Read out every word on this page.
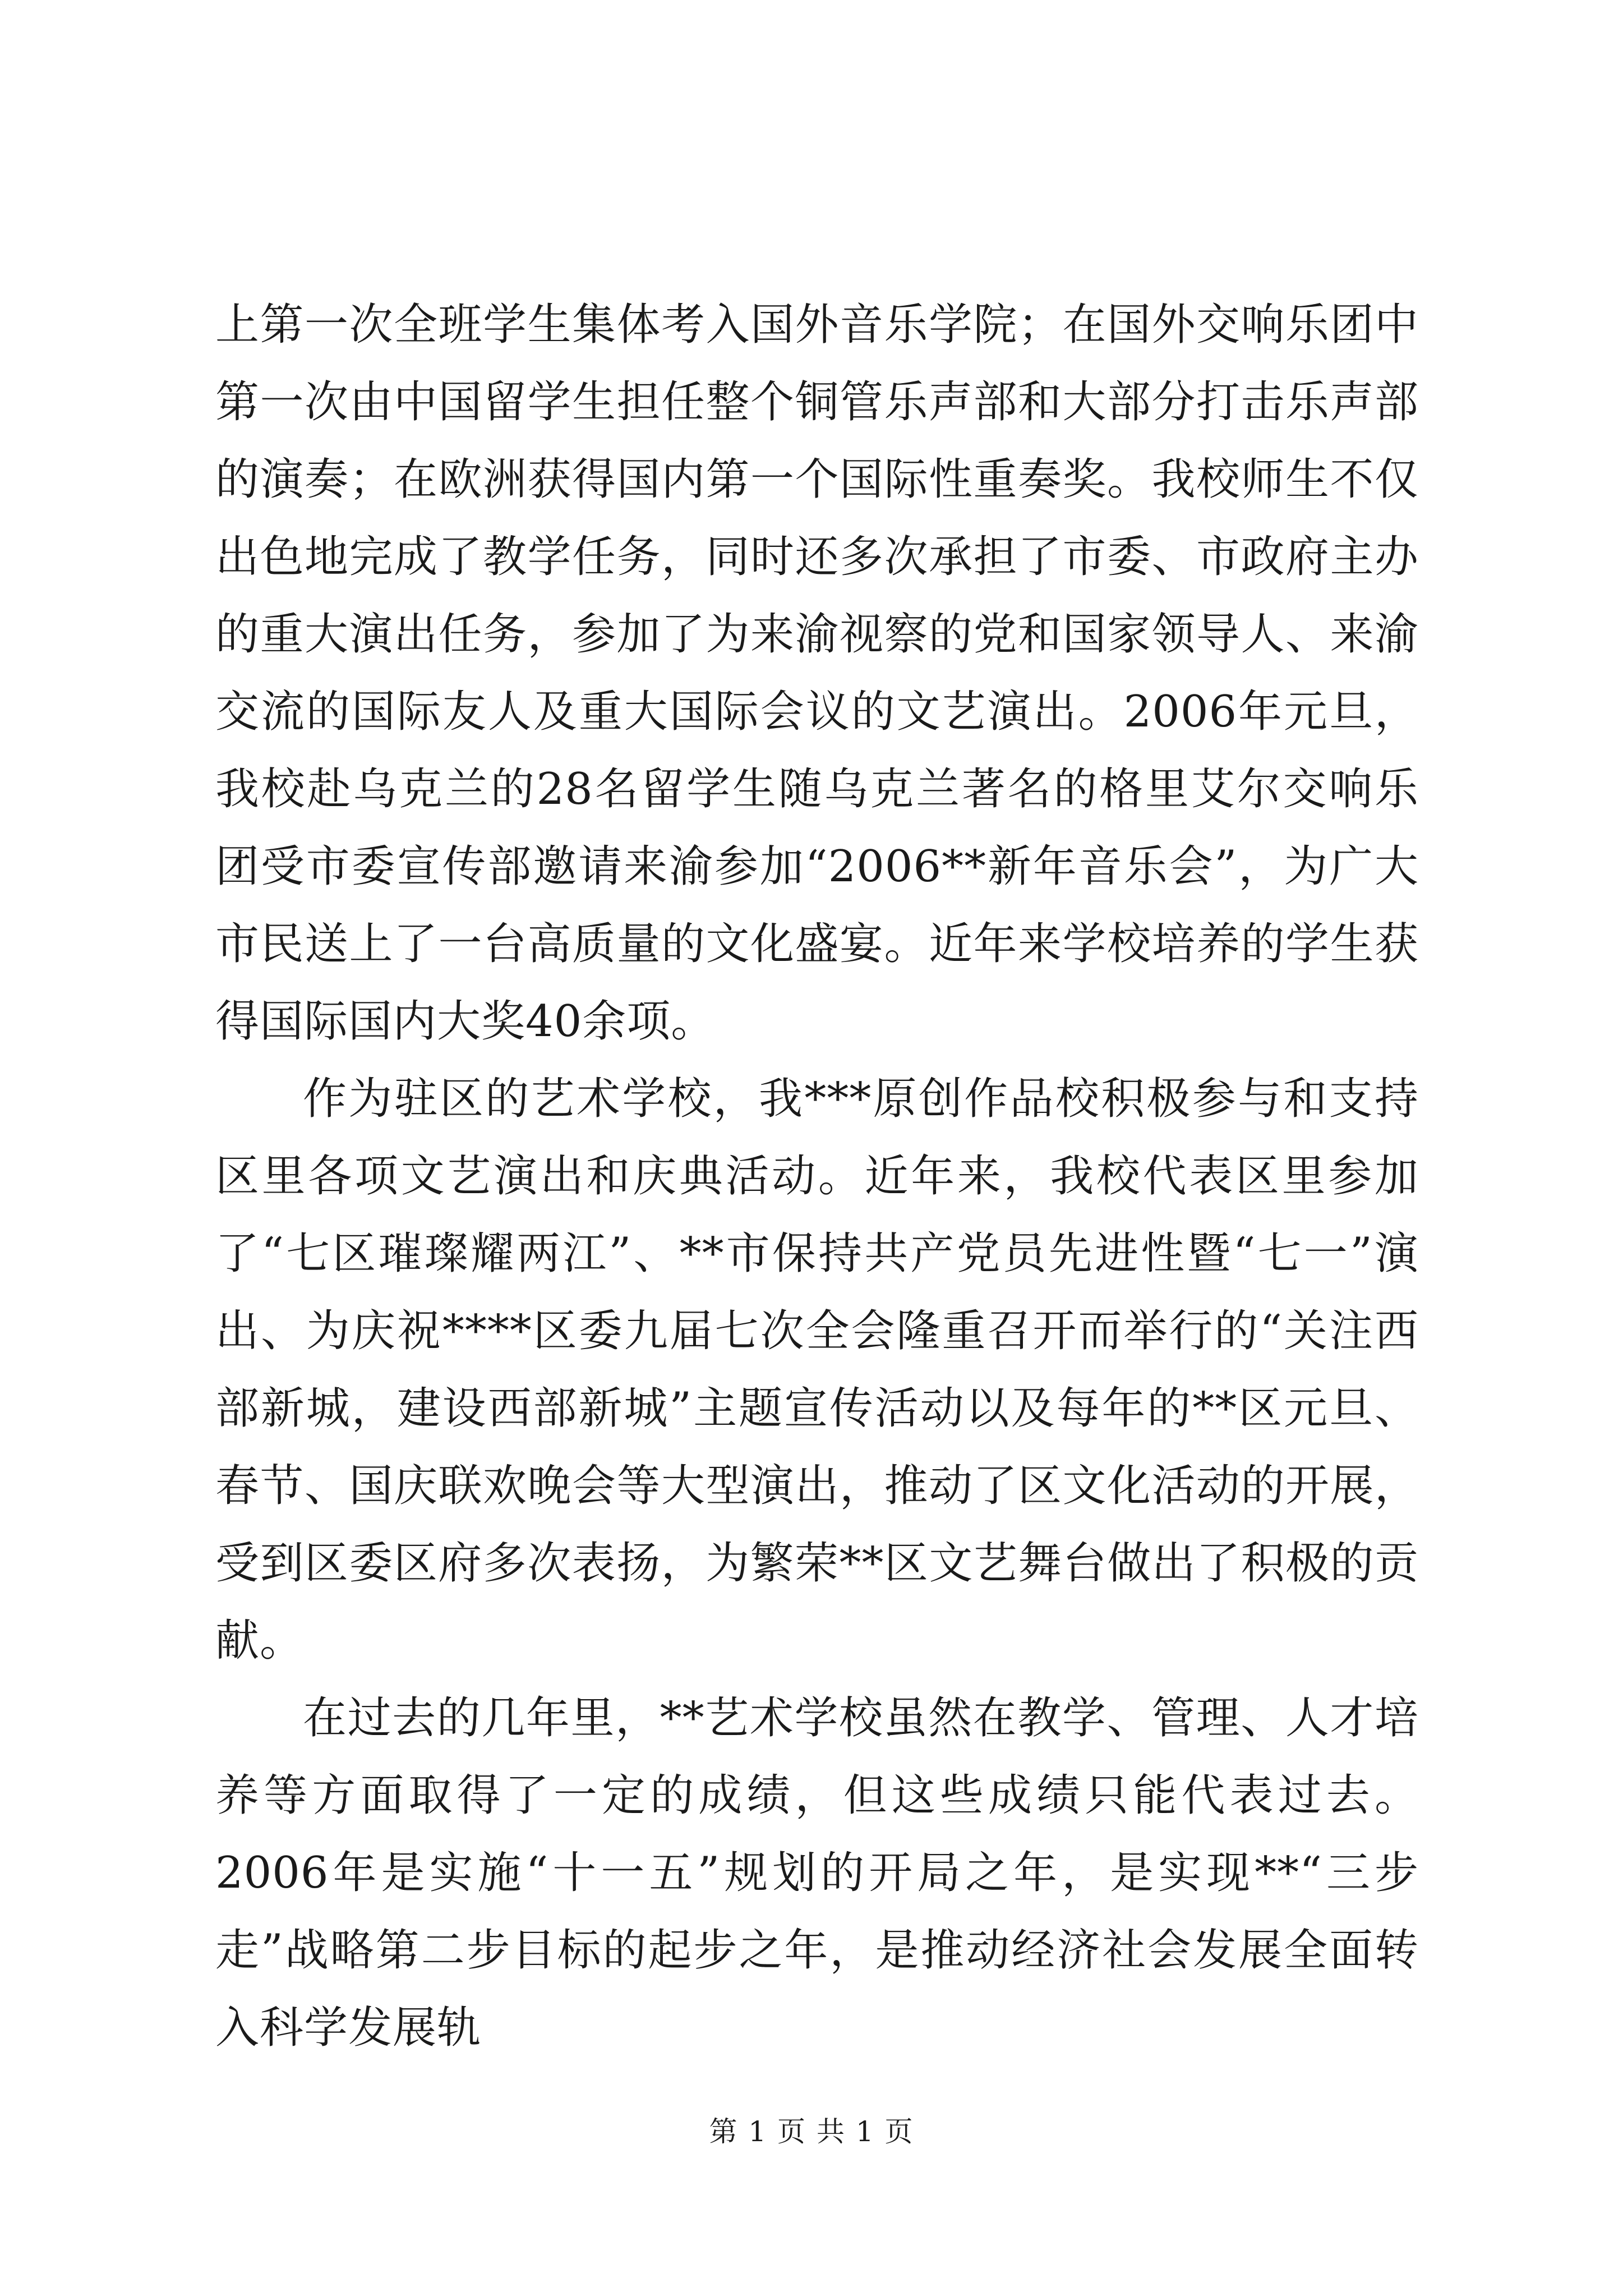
上第一次全班学生集体考入国外音乐学院；在国外交响乐团中第一次由中国留学生担任整个铜管乐声部和大部分打击乐声部的演奏；在欧洲获得国内第一个国际性重奏奖。我校师生不仅出色地完成了教学任务，同时还多次承担了市委、市政府主办的重大演出任务，参加了为来渝视察的党和国家领导人、来渝交流的国际友人及重大国际会议的文艺演出。2006年元旦，我校赴乌克兰的28名留学生随乌克兰著名的格里艾尔交响乐团受市委宣传部邀请来渝参加“2006**新年音乐会”，为广大市民送上了一台高质量的文化盛宴。近年来学校培养的学生获得国际国内大奖40余项。

作为驻区的艺术学校，我***原创作品校积极参与和支持区里各项文艺演出和庆典活动。近年来，我校代表区里参加了“七区璀璨耀两江”、**市保持共产党员先进性暨“七一”演出、为庆祝****区委九届七次全会隆重召开而举行的“关注西部新城，建设西部新城”主题宣传活动以及每年的**区元旦、春节、国庆联欢晚会等大型演出，推动了区文化活动的开展，受到区委区府多次表扬，为繁荣**区文艺舞台做出了积极的贡献。

在过去的几年里，**艺术学校虽然在教学、管理、人才培养等方面取得了一定的成绩，但这些成绩只能代表过去。2006年是实施“十一五”规划的开局之年，是实现**“三步走”战略第二步目标的起步之年，是推动经济社会发展全面转入科学发展轨

第 1 页 共 1 页
